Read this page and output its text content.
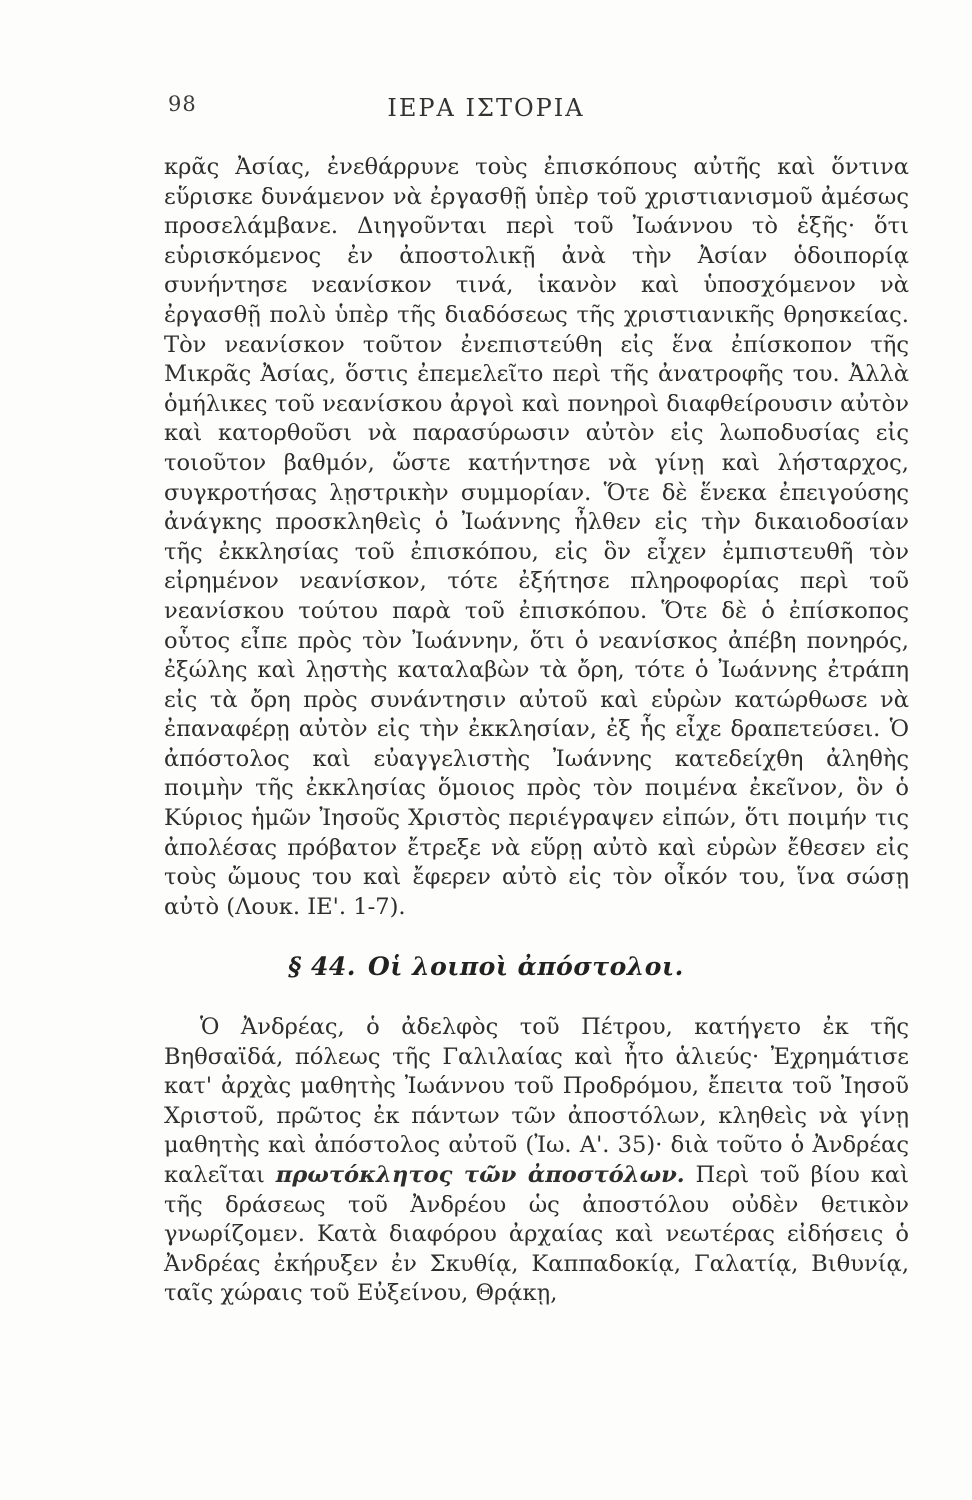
98	ΙΕΡΑ ΙΣΤΟΡΙΑ

κρᾶς Ἀσίας, ἐνεθάρρυνε τοὺς ἐπισκόπους αὐτῆς καὶ ὅντινα εὕρισκε δυνάμενον νὰ ἐργασθῇ ὑπὲρ τοῦ χριστιανισμοῦ ἀμέσως προσελάμβανε. Διηγοῦνται περὶ τοῦ Ἰωάννου τὸ ἑξῆς· ὅτι εὑρισκόμενος ἐν ἀποστολικῇ ἀνὰ τὴν Ἀσίαν ὁδοιπορίᾳ συνήντησε νεανίσκον τινά, ἱκανὸν καὶ ὑποσχόμενον νὰ ἐργασθῇ πολὺ ὑπὲρ τῆς διαδόσεως τῆς χριστιανικῆς θρησκείας. Τὸν νεανίσκον τοῦτον ἐνεπιστεύθη εἰς ἕνα ἐπίσκοπον τῆς Μικρᾶς Ἀσίας, ὅστις ἐπεμελεῖτο περὶ τῆς ἀνατροφῆς του. Ἀλλὰ ὁμήλικες τοῦ νεανίσκου ἀργοὶ καὶ πονηροὶ διαφθείρουσιν αὐτὸν καὶ κατορθοῦσι νὰ παρασύρωσιν αὐτὸν εἰς λωποδυσίας εἰς τοιοῦτον βαθμόν, ὥστε κατήντησε νὰ γίνῃ καὶ λήσταρχος, συγκροτήσας λῃστρικὴν συμμορίαν. Ὅτε δὲ ἕνεκα ἐπειγούσης ἀνάγκης προσκληθεὶς ὁ Ἰωάννης ἦλθεν εἰς τὴν δικαιοδοσίαν τῆς ἐκκλησίας τοῦ ἐπισκόπου, εἰς ὃν εἶχεν ἐμπιστευθῆ τὸν εἰρημένον νεανίσκον, τότε ἐξήτησε πληροφορίας περὶ τοῦ νεανίσκου τούτου παρὰ τοῦ ἐπισκόπου. Ὅτε δὲ ὁ ἐπίσκοπος οὗτος εἶπε πρὸς τὸν Ἰωάννην, ὅτι ὁ νεανίσκος ἀπέβη πονηρός, ἐξώλης καὶ λῃστὴς καταλαβὼν τὰ ὄρη, τότε ὁ Ἰωάννης ἐτράπη εἰς τὰ ὄρη πρὸς συνάντησιν αὐτοῦ καὶ εὑρὼν κατώρθωσε νὰ ἐπαναφέρῃ αὐτὸν εἰς τὴν ἐκκλησίαν, ἐξ ἧς εἶχε δραπετεύσει. Ὁ ἀπόστολος καὶ εὐαγγελιστὴς Ἰωάννης κατεδείχθη ἀληθὴς ποιμὴν τῆς ἐκκλησίας ὅμοιος πρὸς τὸν ποιμένα ἐκεῖνον, ὃν ὁ Κύριος ἡμῶν Ἰησοῦς Χριστὸς περιέγραψεν εἰπών, ὅτι ποιμήν τις ἀπολέσας πρόβατον ἔτρεξε νὰ εὕρῃ αὐτὸ καὶ εὑρὼν ἔθεσεν εἰς τοὺς ὤμους του καὶ ἔφερεν αὐτὸ εἰς τὸν οἶκόν του, ἵνα σώσῃ αὐτὸ (Λουκ. ΙΕ'. 1-7).

§ 44. Οἱ λοιποὶ ἀπόστολοι.

Ὁ Ἀνδρέας, ὁ ἀδελφὸς τοῦ Πέτρου, κατήγετο ἐκ τῆς Βηθσαϊδά, πόλεως τῆς Γαλιλαίας καὶ ἦτο ἁλιεύς· Ἐχρημάτισε κατ' ἀρχὰς μαθητὴς Ἰωάννου τοῦ Προδρόμου, ἔπειτα τοῦ Ἰησοῦ Χριστοῦ, πρῶτος ἐκ πάντων τῶν ἀποστόλων, κληθεὶς νὰ γίνῃ μαθητὴς καὶ ἀπόστολος αὐτοῦ (Ἰω. Α'. 35)· διὰ τοῦτο ὁ Ἀνδρέας καλεῖται πρωτόκλητος τῶν ἀποστόλων. Περὶ τοῦ βίου καὶ τῆς δράσεως τοῦ Ἀνδρέου ὡς ἀποστόλου οὐδὲν θετικὸν γνωρίζομεν. Κατὰ διαφόρου ἀρχαίας καὶ νεωτέρας εἰδήσεις ὁ Ἀνδρέας ἐκήρυξεν ἐν Σκυθίᾳ, Καππαδοκίᾳ, Γαλατίᾳ, Βιθυνίᾳ, ταῖς χώραις τοῦ Εὐξείνου, Θρᾴκῃ,
